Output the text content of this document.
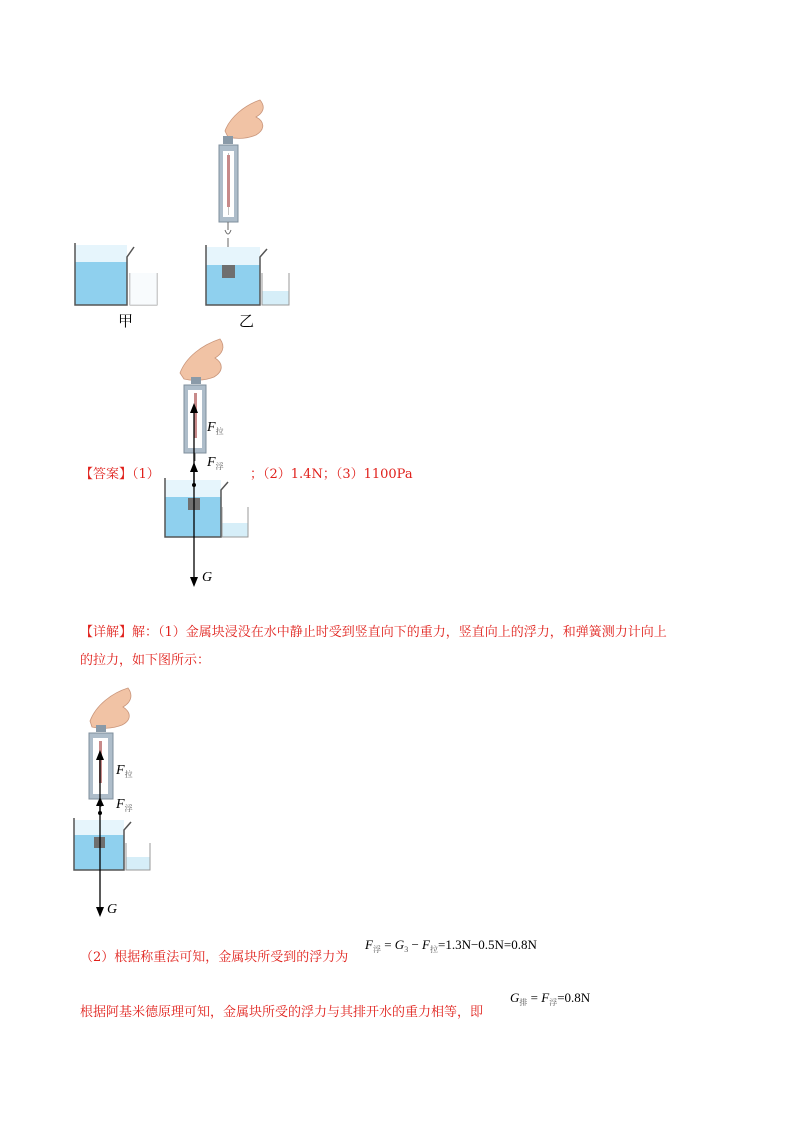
甲	乙
$F_拉$
$F_浮$
G
【答案】（1）	；（2）1.4N；（3）1100Pa
【详解】解：（1）金属块浸没在水中静止时受到竖直向下的重力，竖直向上的浮力，和弹簧测力计向上
的拉力，如下图所示：
$F_拉$
$F_浮$
G
（2）根据称重法可知，金属块所受到的浮力为
$F_浮 = G_3 - F_拉=1.3N-0.5N=0.8N$
根据阿基米德原理可知，金属块所受的浮力与其排开水的重力相等，即
$G_排 = F_浮=0.8N$
